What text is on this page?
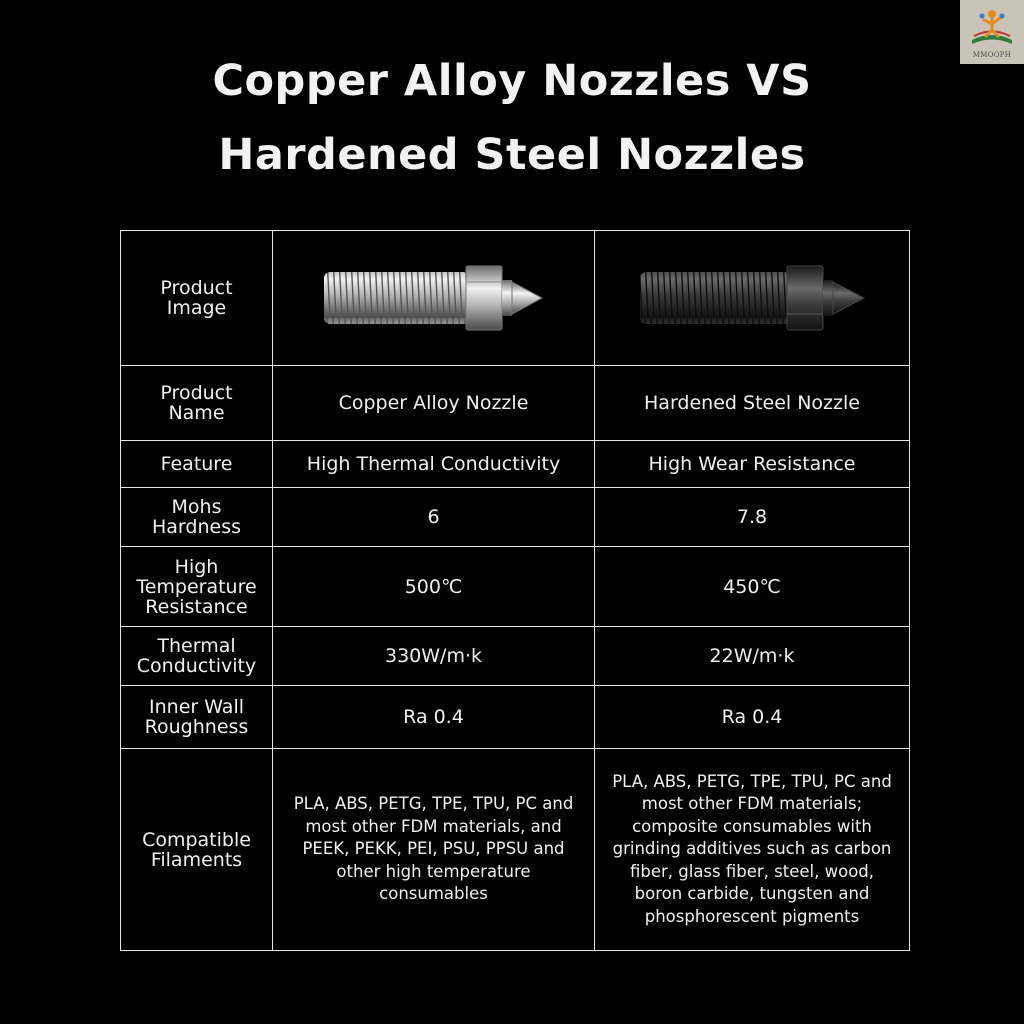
Copper Alloy Nozzles VS
Hardened Steel Nozzles
MMOOPH
Product
Image	

Product
Name	Copper Alloy Nozzle	Hardened Steel Nozzle
Feature	High Thermal Conductivity	High Wear Resistance
Mohs
Hardness	6	7.8
High
Temperature
Resistance	500℃	450℃
Thermal
Conductivity	330W/m·k	22W/m·k
Inner Wall
Roughness	Ra 0.4	Ra 0.4
Compatible
Filaments	PLA, ABS, PETG, TPE, TPU, PC and most other FDM materials, and PEEK, PEKK, PEI, PSU, PPSU and other high temperature consumables	PLA, ABS, PETG, TPE, TPU, PC and most other FDM materials; composite consumables with grinding additives such as carbon fiber, glass fiber, steel, wood, boron carbide, tungsten and phosphorescent pigments
